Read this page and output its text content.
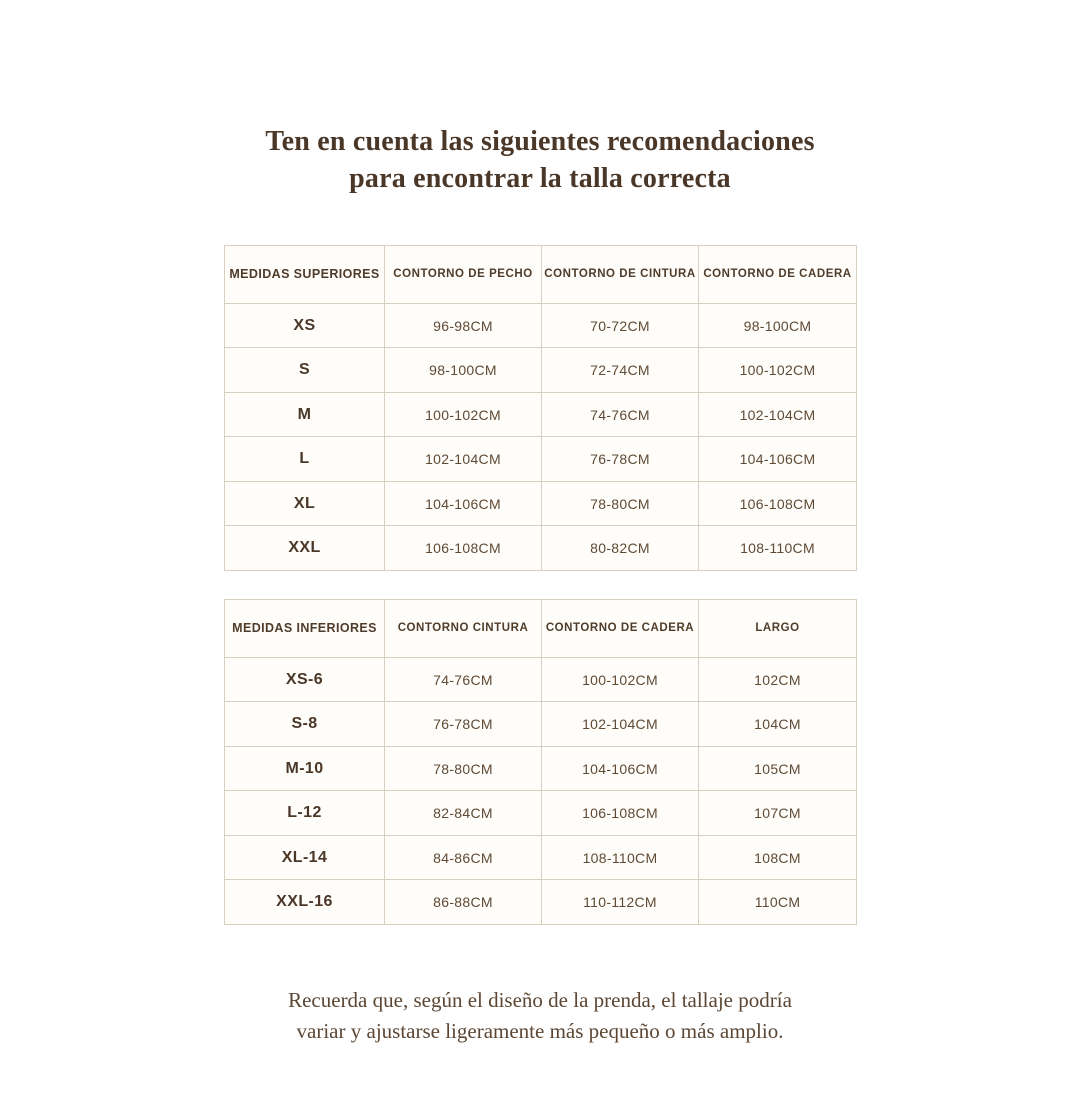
Ten en cuenta las siguientes recomendaciones
para encontrar la talla correcta
MEDIDAS SUPERIORES	CONTORNO DE PECHO	CONTORNO DE CINTURA	CONTORNO DE CADERA
XS	96-98CM	70-72CM	98-100CM
S	98-100CM	72-74CM	100-102CM
M	100-102CM	74-76CM	102-104CM
L	102-104CM	76-78CM	104-106CM
XL	104-106CM	78-80CM	106-108CM
XXL	106-108CM	80-82CM	108-110CM
MEDIDAS INFERIORES	CONTORNO CINTURA	CONTORNO DE CADERA	LARGO
XS-6	74-76CM	100-102CM	102CM
S-8	76-78CM	102-104CM	104CM
M-10	78-80CM	104-106CM	105CM
L-12	82-84CM	106-108CM	107CM
XL-14	84-86CM	108-110CM	108CM
XXL-16	86-88CM	110-112CM	110CM

Recuerda que, según el diseño de la prenda, el tallaje podría
variar y ajustarse ligeramente más pequeño o más amplio.
